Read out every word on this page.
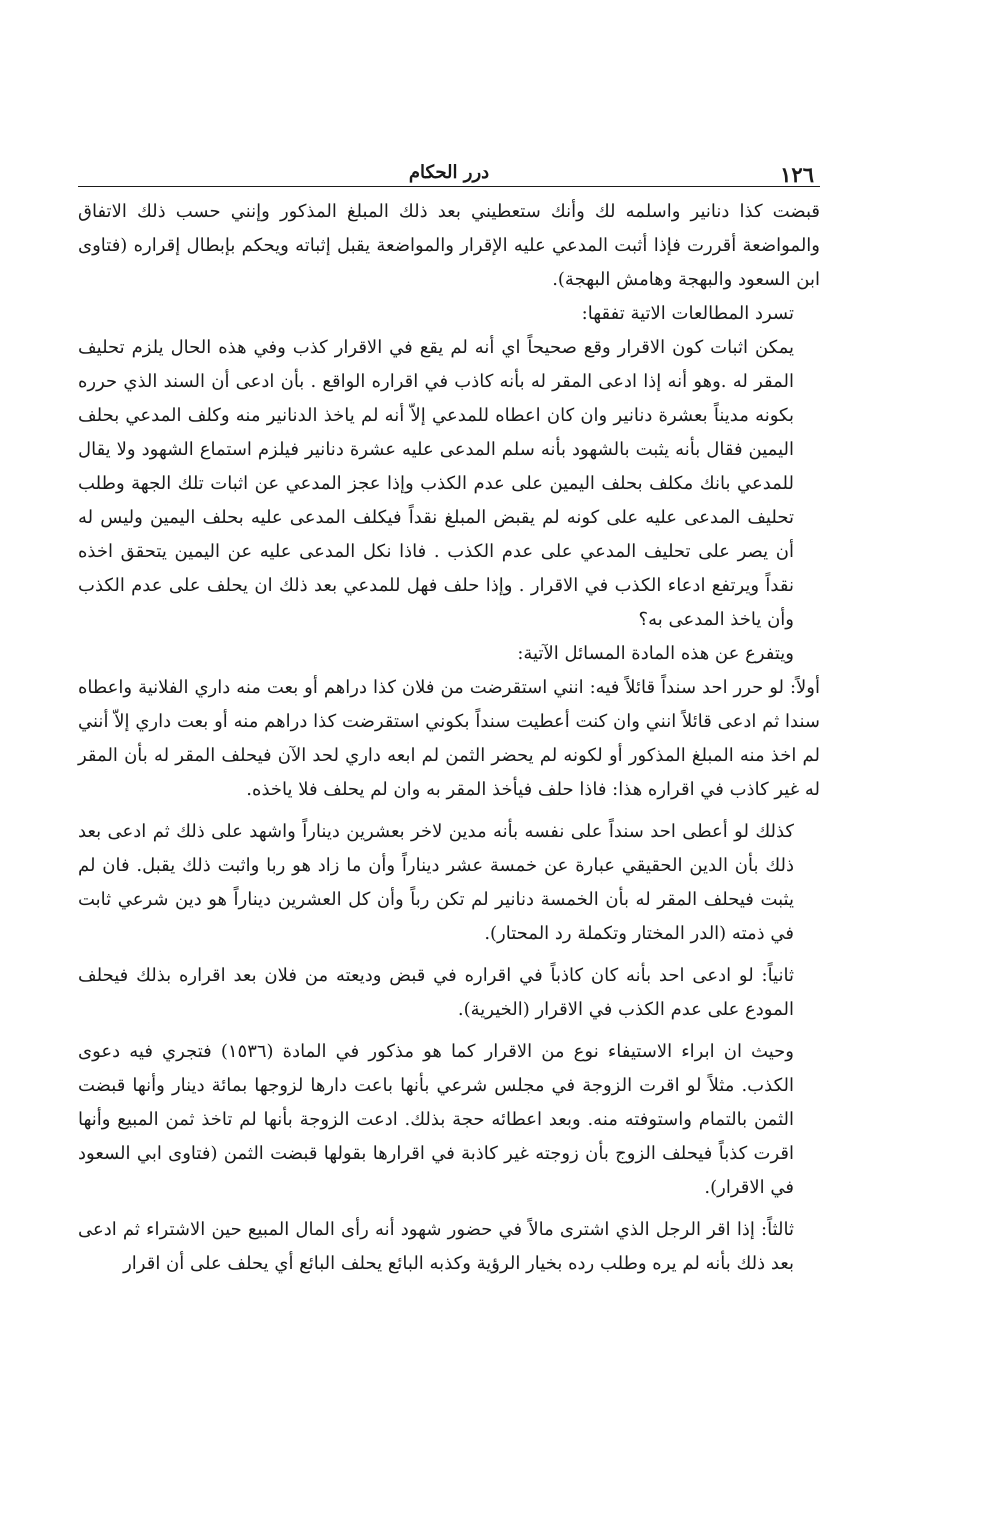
١٢٦
درر الحكام

قبضت كذا دنانير واسلمه لك وأنك ستعطيني بعد ذلك المبلغ المذكور وإنني حسب ذلك الاتفاق والمواضعة أقررت فإذا أثبت المدعي عليه الإقرار والمواضعة يقبل إثباته ويحكم بإبطال إقراره (فتاوى ابن السعود والبهجة وهامش البهجة).

تسرد المطالعات الاتية تفقها:

يمكن اثبات كون الاقرار وقع صحيحاً اي أنه لم يقع في الاقرار كذب وفي هذه الحال يلزم تحليف المقر له .وهو أنه إذا ادعى المقر له بأنه كاذب في اقراره الواقع . بأن ادعى أن السند الذي حرره بكونه مديناً بعشرة دنانير وان كان اعطاه للمدعي إلاّ أنه لم ياخذ الدنانير منه وكلف المدعي بحلف اليمين فقال بأنه يثبت بالشهود بأنه سلم المدعى عليه عشرة دنانير فيلزم استماع الشهود ولا يقال للمدعي بانك مكلف بحلف اليمين على عدم الكذب وإذا عجز المدعي عن اثبات تلك الجهة وطلب تحليف المدعى عليه على كونه لم يقبض المبلغ نقداً فيكلف المدعى عليه بحلف اليمين وليس له أن يصر على تحليف المدعي على عدم الكذب . فاذا نكل المدعى عليه عن اليمين يتحقق اخذه نقداً ويرتفع ادعاء الكذب في الاقرار . وإذا حلف فهل للمدعي بعد ذلك ان يحلف على عدم الكذب وأن ياخذ المدعى به؟

ويتفرع عن هذه المادة المسائل الآتية:

أولاً: لو حرر احد سنداً قائلاً فيه: انني استقرضت من فلان كذا دراهم أو بعت منه داري الفلانية واعطاه سندا ثم ادعى قائلاً انني وان كنت أعطيت سنداً بكوني استقرضت كذا دراهم منه أو بعت داري إلاّ أنني لم اخذ منه المبلغ المذكور أو لكونه لم يحضر الثمن لم ابعه داري لحد الآن فيحلف المقر له بأن المقر له غير كاذب في اقراره هذا: فاذا حلف فيأخذ المقر به وان لم يحلف فلا ياخذه.

كذلك لو أعطى احد سنداً على نفسه بأنه مدين لاخر بعشرين ديناراً واشهد على ذلك ثم ادعى بعد ذلك بأن الدين الحقيقي عبارة عن خمسة عشر ديناراً وأن ما زاد هو ربا واثبت ذلك يقبل. فان لم يثبت فيحلف المقر له بأن الخمسة دنانير لم تكن رباً وأن كل العشرين ديناراً هو دين شرعي ثابت في ذمته (الدر المختار وتكملة رد المحتار).

ثانياً: لو ادعى احد بأنه كان كاذباً في اقراره في قبض وديعته من فلان بعد اقراره بذلك فيحلف المودع على عدم الكذب في الاقرار (الخيرية).

وحيث ان ابراء الاستيفاء نوع من الاقرار كما هو مذكور في المادة (١٥٣٦) فتجري فيه دعوى الكذب. مثلاً لو اقرت الزوجة في مجلس شرعي بأنها باعت دارها لزوجها بمائة دينار وأنها قبضت الثمن بالتمام واستوفته منه. وبعد اعطائه حجة بذلك. ادعت الزوجة بأنها لم تاخذ ثمن المبيع وأنها اقرت كذباً فيحلف الزوج بأن زوجته غير كاذبة في اقرارها بقولها قبضت الثمن (فتاوى ابي السعود في الاقرار).

ثالثاً: إذا اقر الرجل الذي اشترى مالاً في حضور شهود أنه رأى المال المبيع حين الاشتراء ثم ادعى بعد ذلك بأنه لم يره وطلب رده بخيار الرؤية وكذبه البائع يحلف البائع أي يحلف على أن اقرار
